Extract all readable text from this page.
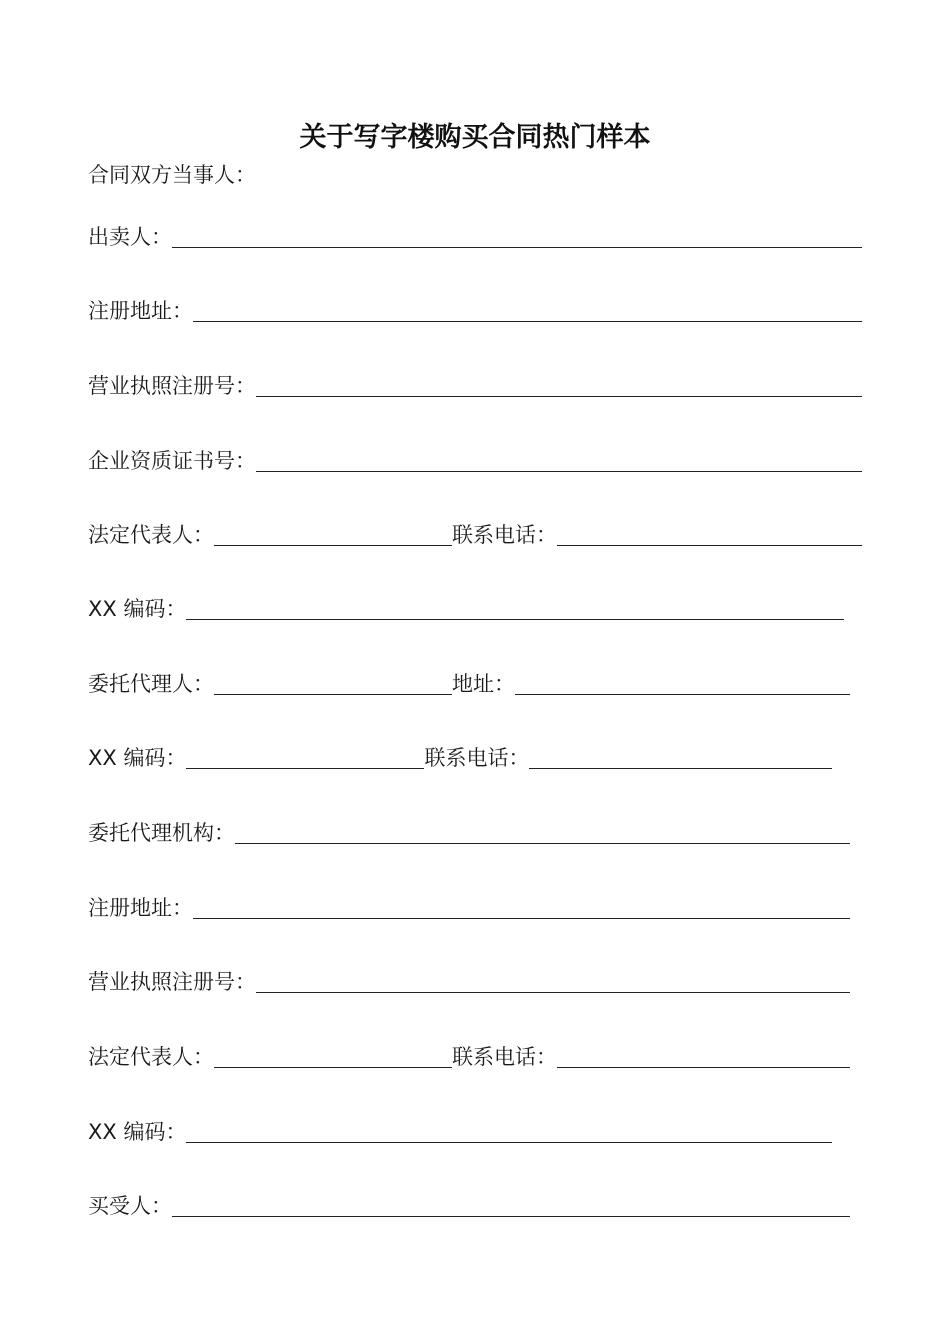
关于写字楼购买合同热门样本

合同双方当事人：

出卖人：
注册地址：
营业执照注册号：
企业资质证书号：
法定代表人：	联系电话：
XX 编码：
委托代理人：	地址：
XX 编码：	联系电话：
委托代理机构：
注册地址：
营业执照注册号：
法定代表人：	联系电话：
XX 编码：
买受人：
